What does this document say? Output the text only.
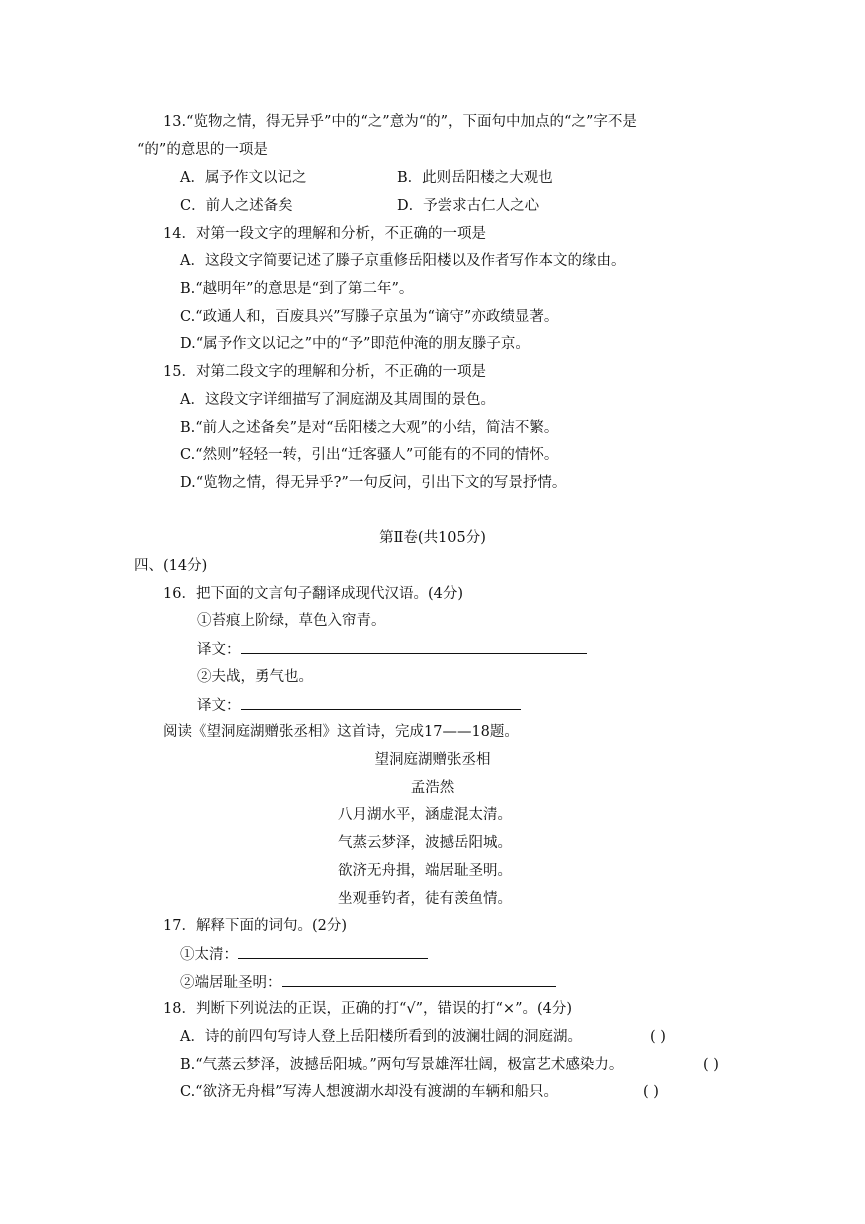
13.“览物之情，得无异乎”中的“之”意为“的”，下面句中加点的“之”字不是
“的”的意思的一项是
A．属予作文以记之	B．此则岳阳楼之大观也
C．前人之述备矣	D．予尝求古仁人之心
14．对第一段文字的理解和分析，不正确的一项是
A．这段文字简要记述了滕子京重修岳阳楼以及作者写作本文的缘由。
B.“越明年”的意思是“到了第二年”。
C.“政通人和，百废具兴”写滕子京虽为“谪守”亦政绩显著。
D.“属予作文以记之”中的“予”即范仲淹的朋友滕子京。
15．对第二段文字的理解和分析，不正确的一项是
A．这段文字详细描写了洞庭湖及其周围的景色。
B.“前人之述备矣”是对“岳阳楼之大观”的小结，简洁不繁。
C.“然则”轻轻一转，引出“迁客骚人”可能有的不同的情怀。
D.“览物之情，得无异乎?”一句反问，引出下文的写景抒情。
第Ⅱ卷(共105分)
四、(14分)
16．把下面的文言句子翻译成现代汉语。(4分)
①苔痕上阶绿，草色入帘青。
译文：
②夫战，勇气也。
译文：
阅读《望洞庭湖赠张丞相》这首诗，完成17——18题。
望洞庭湖赠张丞相
孟浩然
八月湖水平，涵虚混太清。
气蒸云梦泽，波撼岳阳城。
欲济无舟揖，端居耻圣明。
坐观垂钓者，徒有羡鱼情。
17．解释下面的词句。(2分)
①太清：
②端居耻圣明：
18．判断下列说法的正误，正确的打“√”，错误的打“×”。(4分)
A．诗的前四句写诗人登上岳阳楼所看到的波澜壮阔的洞庭湖。	( )
B.“气蒸云梦泽，波撼岳阳城。”两句写景雄浑壮阔，极富艺术感染力。	( )
C.“欲济无舟楫”写涛人想渡湖水却没有渡湖的车辆和船只。	( )
